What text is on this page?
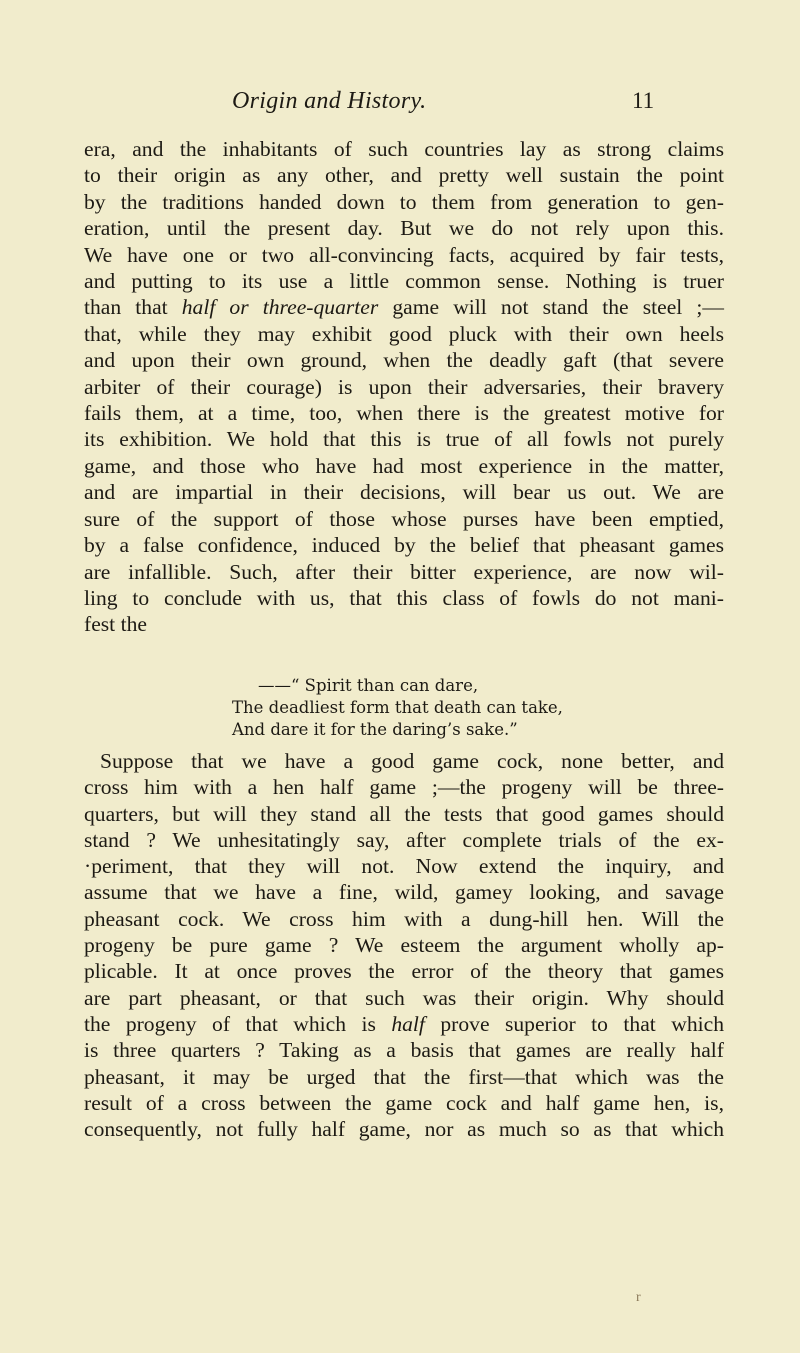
Origin and History.	11
era, and the inhabitants of such countries lay as strong claims
to their origin as any other, and pretty well sustain the point
by the traditions handed down to them from generation to gen-
eration, until the present day. But we do not rely upon this.
We have one or two all-convincing facts, acquired by fair tests,
and putting to its use a little common sense. Nothing is truer
than that half or three-quarter game will not stand the steel ;—
that, while they may exhibit good pluck with their own heels
and upon their own ground, when the deadly gaft (that severe
arbiter of their courage) is upon their adversaries, their bravery
fails them, at a time, too, when there is the greatest motive for
its exhibition. We hold that this is true of all fowls not purely
game, and those who have had most experience in the matter,
and are impartial in their decisions, will bear us out. We are
sure of the support of those whose purses have been emptied,
by a false confidence, induced by the belief that pheasant games
are infallible. Such, after their bitter experience, are now wil-
ling to conclude with us, that this class of fowls do not mani-
fest the
——“ Spirit than can dare,
The deadliest form that death can take,
And dare it for the daring’s sake.”
Suppose that we have a good game cock, none better, and
cross him with a hen half game ;—the progeny will be three-
quarters, but will they stand all the tests that good games should
stand ? We unhesitatingly say, after complete trials of the ex-
·periment, that they will not. Now extend the inquiry, and
assume that we have a fine, wild, gamey looking, and savage
pheasant cock. We cross him with a dung-hill hen. Will the
progeny be pure game ? We esteem the argument wholly ap-
plicable. It at once proves the error of the theory that games
are part pheasant, or that such was their origin. Why should
the progeny of that which is half prove superior to that which
is three quarters ? Taking as a basis that games are really half
pheasant, it may be urged that the first—that which was the
result of a cross between the game cock and half game hen, is,
consequently, not fully half game, nor as much so as that which
r
